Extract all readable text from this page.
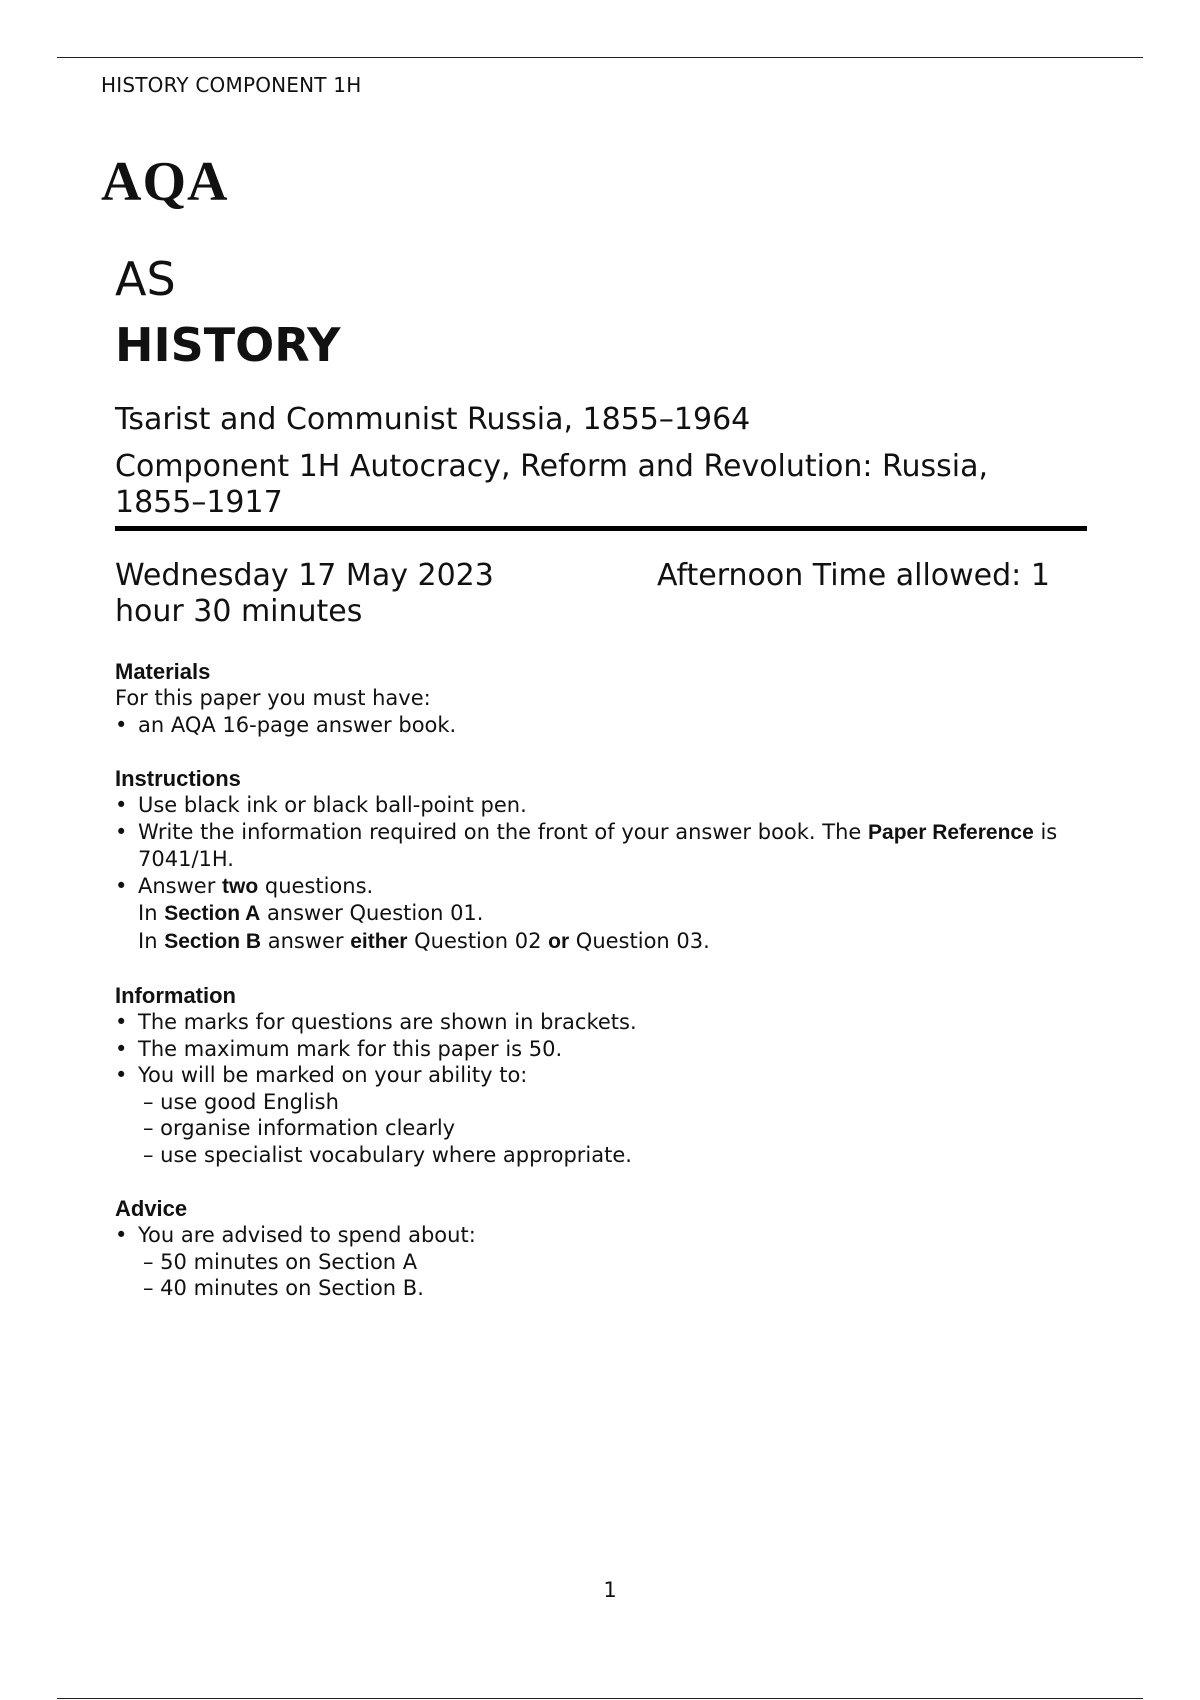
HISTORY COMPONENT 1H
AQA
AS
HISTORY
Tsarist and Communist Russia, 1855–1964
Component 1H Autocracy, Reform and Revolution: Russia, 1855–1917
Wednesday 17 May 2023	Afternoon Time allowed: 1 hour 30 minutes
Materials
For this paper you must have:
• an AQA 16-page answer book.
Instructions
• Use black ink or black ball-point pen.
• Write the information required on the front of your answer book. The Paper Reference is 7041/1H.
• Answer two questions.
In Section A answer Question 01.
In Section B answer either Question 02 or Question 03.
Information
• The marks for questions are shown in brackets.
• The maximum mark for this paper is 50.
• You will be marked on your ability to:
– use good English
– organise information clearly
– use specialist vocabulary where appropriate.
Advice
• You are advised to spend about:
– 50 minutes on Section A
– 40 minutes on Section B.
1
